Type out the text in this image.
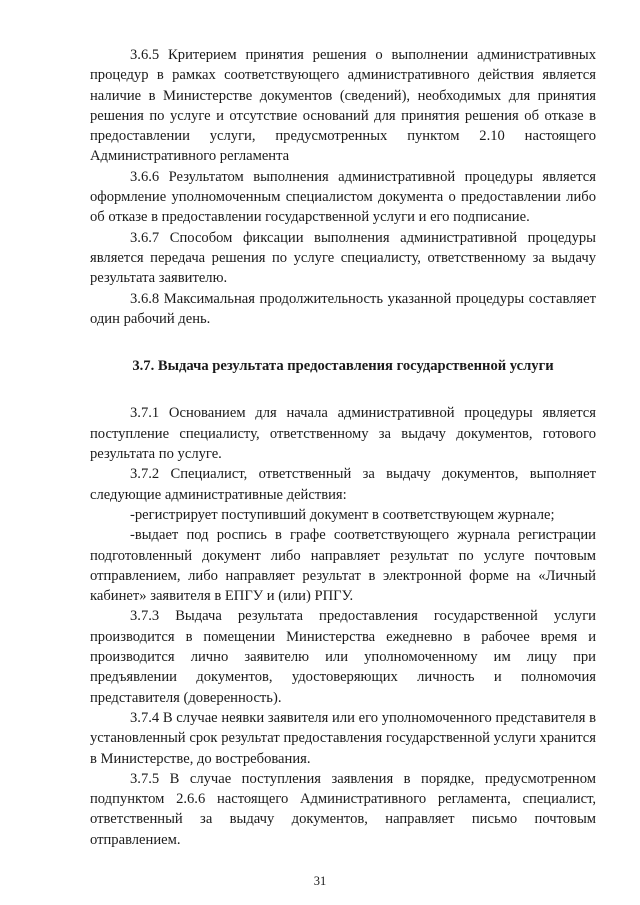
3.6.5 Критерием принятия решения о выполнении административных процедур в рамках соответствующего административного действия является наличие в Министерстве документов (сведений), необходимых для принятия решения по услуге и отсутствие оснований для принятия решения об отказе в предоставлении услуги, предусмотренных пунктом 2.10 настоящего Административного регламента

3.6.6 Результатом выполнения административной процедуры является оформление уполномоченным специалистом документа о предоставлении либо об отказе в предоставлении государственной услуги и его подписание.

3.6.7 Способом фиксации выполнения административной процедуры является передача решения по услуге специалисту, ответственному за выдачу результата заявителю.

3.6.8 Максимальная продолжительность указанной процедуры составляет один рабочий день.

3.7. Выдача результата предоставления государственной услуги

3.7.1 Основанием для начала административной процедуры является поступление специалисту, ответственному за выдачу документов, готового результата по услуге.

3.7.2 Специалист, ответственный за выдачу документов, выполняет следующие административные действия:

-регистрирует поступивший документ в соответствующем журнале;

-выдает под роспись в графе соответствующего журнала регистрации подготовленный документ либо направляет результат по услуге почтовым отправлением, либо направляет результат в электронной форме на «Личный кабинет» заявителя в ЕПГУ и (или) РПГУ.

3.7.3 Выдача результата предоставления государственной услуги производится в помещении Министерства ежедневно в рабочее время и производится лично заявителю или уполномоченному им лицу при предъявлении документов, удостоверяющих личность и полномочия представителя (доверенность).

3.7.4 В случае неявки заявителя или его уполномоченного представителя в установленный срок результат предоставления государственной услуги хранится в Министерстве, до востребования.

3.7.5 В случае поступления заявления в порядке, предусмотренном подпунктом 2.6.6 настоящего Административного регламента, специалист, ответственный за выдачу документов, направляет письмо почтовым отправлением.

31
